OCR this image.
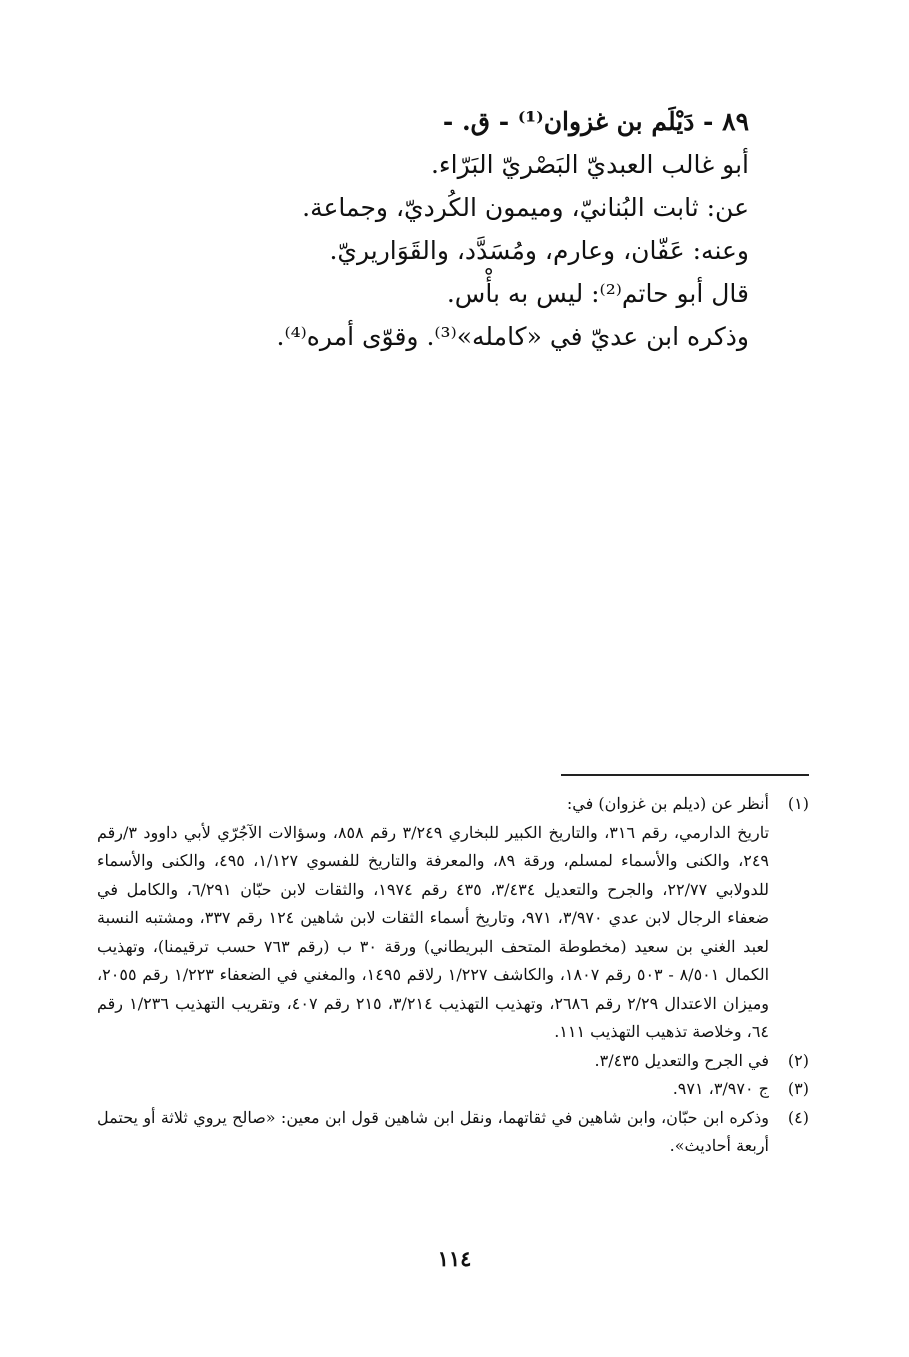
٨٩ - دَيْلَم بن غزوان⁽¹⁾ - ق. -

أبو غالب العبديّ البَصْريّ البَرّاء.

عن: ثابت البُنانيّ، وميمون الكُرديّ، وجماعة.

وعنه: عَفّان، وعارم، ومُسَدَّد، والقَوَاريريّ.

قال أبو حاتم⁽²⁾: ليس به بأْس.

وذكره ابن عديّ في «كامله»⁽³⁾. وقوّى أمره⁽⁴⁾.

(١)
أنظر عن (ديلم بن غزوان) في:
تاريخ الدارمي، رقم ٣١٦، والتاريخ الكبير للبخاري ٣/٢٤٩ رقم ٨٥٨، وسؤالات الآجُرّي لأبي داوود ٣/رقم ٢٤٩، والكنى والأسماء لمسلم، ورقة ٨٩، والمعرفة والتاريخ للفسوي ١/١٢٧، ٤٩٥، والكنى والأسماء للدولابي ٢٢/٧٧، والجرح والتعديل ٣/٤٣٤، ٤٣٥ رقم ١٩٧٤، والثقات لابن حبّان ٦/٢٩١، والكامل في ضعفاء الرجال لابن عدي ٣/٩٧٠، ٩٧١، وتاريخ أسماء الثقات لابن شاهين ١٢٤ رقم ٣٣٧، ومشتبه النسبة لعبد الغني بن سعيد (مخطوطة المتحف البريطاني) ورقة ٣٠ ب (رقم ٧٦٣ حسب ترقيمنا)، وتهذيب الكمال ٨/٥٠١ - ٥٠٣ رقم ١٨٠٧، والكاشف ١/٢٢٧ رلاقم ١٤٩٥، والمغني في الضعفاء ١/٢٢٣ رقم ٢٠٥٥، وميزان الاعتدال ٢/٢٩ رقم ٢٦٨٦، وتهذيب التهذيب ٣/٢١٤، ٢١٥ رقم ٤٠٧، وتقريب التهذيب ١/٢٣٦ رقم ٦٤، وخلاصة تذهيب التهذيب ١١١.
(٢)
في الجرح والتعديل ٣/٤٣٥.
(٣)
ج ٣/٩٧٠، ٩٧١.
(٤)
وذكره ابن حبّان، وابن شاهين في ثقاتهما، ونقل ابن شاهين قول ابن معين: «صالح يروي ثلاثة أو يحتمل أربعة أحاديث».
١١٤
